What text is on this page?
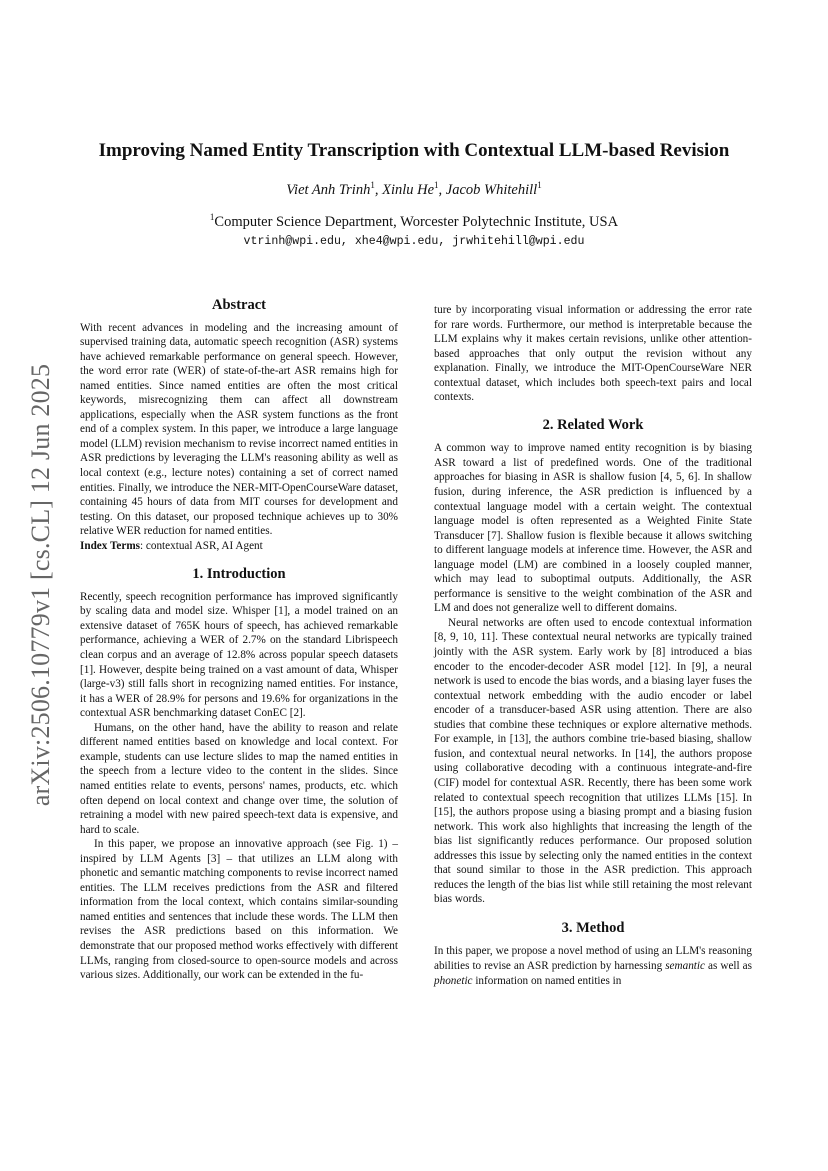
arXiv:2506.10779v1 [cs.CL] 12 Jun 2025
Improving Named Entity Transcription with Contextual LLM-based Revision
Viet Anh Trinh$^1$, Xinlu He$^1$, Jacob Whitehill$^1$
$^1$Computer Science Department, Worcester Polytechnic Institute, USA
vtrinh@wpi.edu, xhe4@wpi.edu, jrwhitehill@wpi.edu
Abstract

With recent advances in modeling and the increasing amount of supervised training data, automatic speech recognition (ASR) systems have achieved remarkable performance on general speech. However, the word error rate (WER) of state-of-the-art ASR remains high for named entities. Since named entities are often the most critical keywords, misrecognizing them can affect all downstream applications, especially when the ASR system functions as the front end of a complex system. In this paper, we introduce a large language model (LLM) revision mechanism to revise incorrect named entities in ASR predictions by leveraging the LLM's reasoning ability as well as local context (e.g., lecture notes) containing a set of correct named entities. Finally, we introduce the NER-MIT-OpenCourseWare dataset, containing 45 hours of data from MIT courses for development and testing. On this dataset, our proposed technique achieves up to 30% relative WER reduction for named entities.

Index Terms: contextual ASR, AI Agent

1. Introduction

Recently, speech recognition performance has improved significantly by scaling data and model size. Whisper [1], a model trained on an extensive dataset of 765K hours of speech, has achieved remarkable performance, achieving a WER of 2.7% on the standard Librispeech clean corpus and an average of 12.8% across popular speech datasets [1]. However, despite being trained on a vast amount of data, Whisper (large-v3) still falls short in recognizing named entities. For instance, it has a WER of 28.9% for persons and 19.6% for organizations in the contextual ASR benchmarking dataset ConEC [2].

Humans, on the other hand, have the ability to reason and relate different named entities based on knowledge and local context. For example, students can use lecture slides to map the named entities in the speech from a lecture video to the content in the slides. Since named entities relate to events, persons' names, products, etc. which often depend on local context and change over time, the solution of retraining a model with new paired speech-text data is expensive, and hard to scale.

In this paper, we propose an innovative approach (see Fig. 1) – inspired by LLM Agents [3] – that utilizes an LLM along with phonetic and semantic matching components to revise incorrect named entities. The LLM receives predictions from the ASR and filtered information from the local context, which contains similar-sounding named entities and sentences that include these words. The LLM then revises the ASR predictions based on this information. We demonstrate that our proposed method works effectively with different LLMs, ranging from closed-source to open-source models and across various sizes. Additionally, our work can be extended in the fu-

ture by incorporating visual information or addressing the error rate for rare words. Furthermore, our method is interpretable because the LLM explains why it makes certain revisions, unlike other attention-based approaches that only output the revision without any explanation. Finally, we introduce the MIT-OpenCourseWare NER contextual dataset, which includes both speech-text pairs and local contexts.

2. Related Work

A common way to improve named entity recognition is by biasing ASR toward a list of predefined words. One of the traditional approaches for biasing in ASR is shallow fusion [4, 5, 6]. In shallow fusion, during inference, the ASR prediction is influenced by a contextual language model with a certain weight. The contextual language model is often represented as a Weighted Finite State Transducer [7]. Shallow fusion is flexible because it allows switching to different language models at inference time. However, the ASR and language model (LM) are combined in a loosely coupled manner, which may lead to suboptimal outputs. Additionally, the ASR performance is sensitive to the weight combination of the ASR and LM and does not generalize well to different domains.

Neural networks are often used to encode contextual information [8, 9, 10, 11]. These contextual neural networks are typically trained jointly with the ASR system. Early work by [8] introduced a bias encoder to the encoder-decoder ASR model [12]. In [9], a neural network is used to encode the bias words, and a biasing layer fuses the contextual network embedding with the audio encoder or label encoder of a transducer-based ASR using attention. There are also studies that combine these techniques or explore alternative methods. For example, in [13], the authors combine trie-based biasing, shallow fusion, and contextual neural networks. In [14], the authors propose using collaborative decoding with a continuous integrate-and-fire (CIF) model for contextual ASR. Recently, there has been some work related to contextual speech recognition that utilizes LLMs [15]. In [15], the authors propose using a biasing prompt and a biasing fusion network. This work also highlights that increasing the length of the bias list significantly reduces performance. Our proposed solution addresses this issue by selecting only the named entities in the context that sound similar to those in the ASR prediction. This approach reduces the length of the bias list while still retaining the most relevant bias words.

3. Method

In this paper, we propose a novel method of using an LLM's reasoning abilities to revise an ASR prediction by harnessing semantic as well as phonetic information on named entities in
